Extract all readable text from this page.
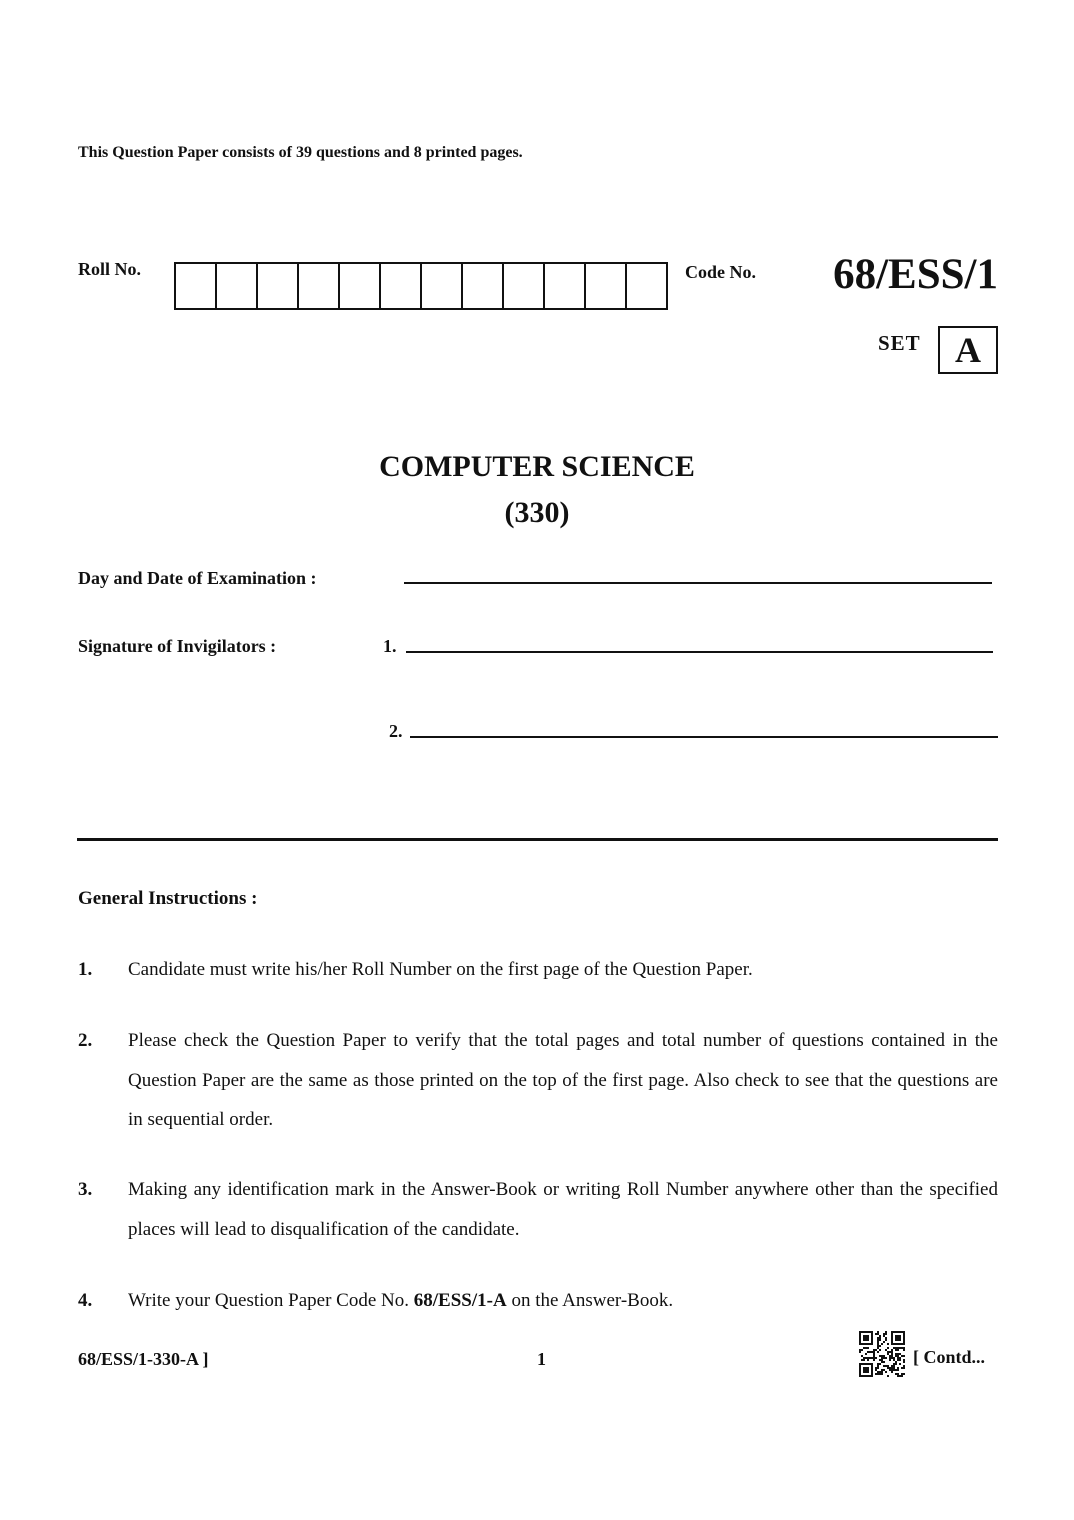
This Question Paper consists of 39 questions and 8 printed pages.
Roll No.	Code No. 68/ESS/1
SET A
COMPUTER SCIENCE
(330)
Day and Date of Examination :
Signature of Invigilators :	1.
2.
General Instructions :
1. Candidate must write his/her Roll Number on the first page of the Question Paper.
2. Please check the Question Paper to verify that the total pages and total number of questions contained in the Question Paper are the same as those printed on the top of the first page. Also check to see that the questions are in sequential order.
3. Making any identification mark in the Answer-Book or writing Roll Number anywhere other than the specified places will lead to disqualification of the candidate.
4. Write your Question Paper Code No. 68/ESS/1-A on the Answer-Book.
68/ESS/1-330-A ]	1	[ Contd...
